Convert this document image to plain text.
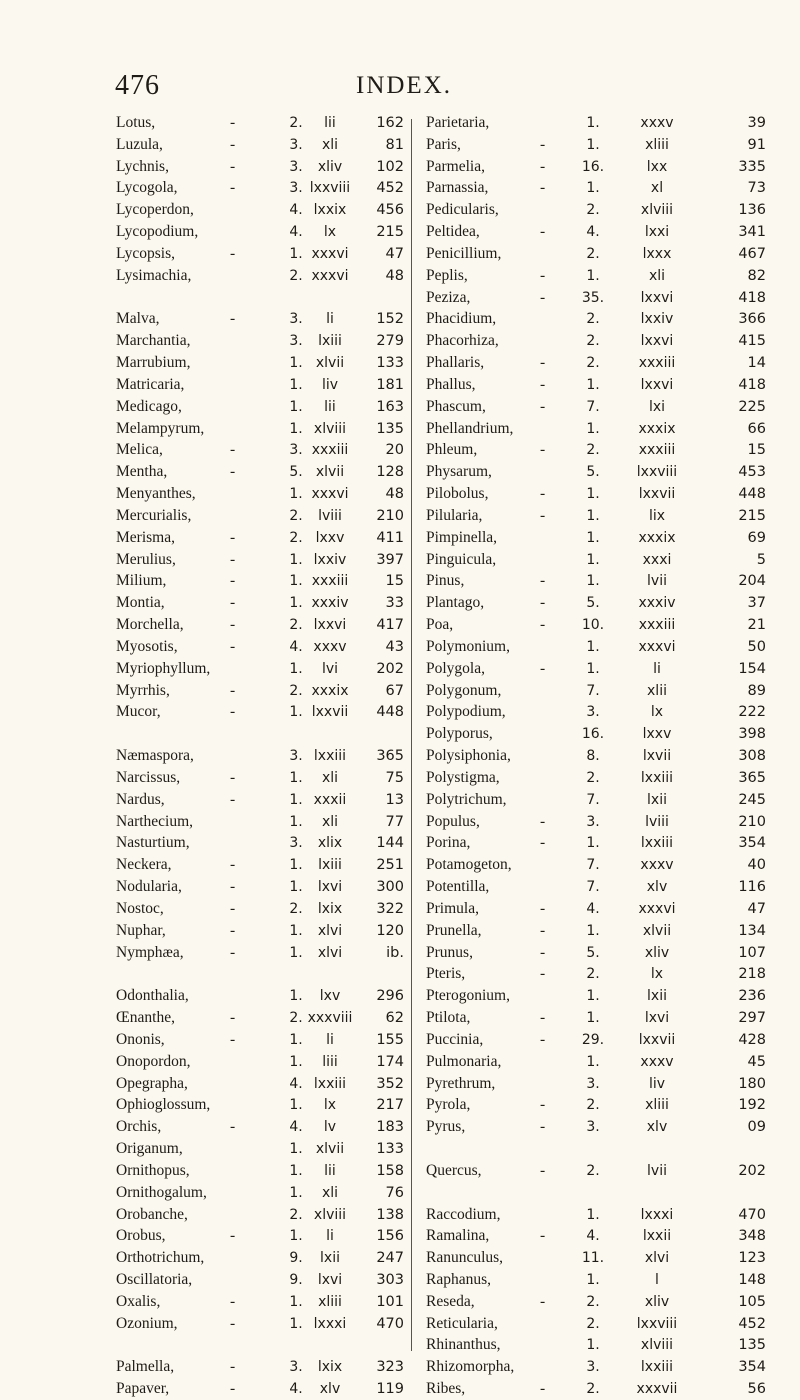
476	INDEX.
Lotus,	-	2.	lii	162
Luzula,	-	3.	xli	81
Lychnis,	-	3.	xliv	102
Lycogola,	-	3. lxxviii	452
Lycoperdon,	4. lxxix	456
Lycopodium,	4.	lx	215
Lycopsis,	-	1. xxxvi	47
Lysimachia,	2. xxxvi	48
Malva,	-	3.	li	152
Marchantia,	3.	lxiii	279
Marrubium,	1. xlvii	133
Matricaria,	1.	liv	181
Medicago,	1.	lii	163
Melampyrum,	1. xlviii	135
Melica,	-	3. xxxiii	20
Mentha,	-	5. xlvii	128
Menyanthes,	1. xxxvi	48
Mercurialis,	2.	lviii	210
Merisma,	-	2. lxxv	411
Merulius,	-	1. lxxiv	397
Milium,	-	1. xxxiii	15
Montia,	-	1. xxxiv	33
Morchella,	-	2. lxxvi	417
Myosotis,	-	4. xxxv	43
Myriophyllum,	1.	lvi	202
Myrrhis,	-	2. xxxix	67
Mucor,	-	1. lxxvii	448
Næmaspora,	3. lxxiii	365
Narcissus,	-	1.	xli	75
Nardus,	-	1. xxxii	13
Narthecium,	1.	xli	77
Nasturtium,	3.	xlix	144
Neckera,	-	1.	lxiii	251
Nodularia,	-	1.	lxvi	300
Nostoc,	-	2.	lxix	322
Nuphar,	-	1.	xlvi	120
Nymphæa,	-	1.	xlvi	ib.
Odonthalia,	1.	lxv	296
Œnanthe,	-	2. xxxviii	62
Ononis,	-	1.	li	155
Onopordon,	1.	liii	174
Opegrapha,	4. lxxiii	352
Ophioglossum,	1.	lx	217
Orchis,	-	4.	lv	183
Origanum,	1. xlvii	133
Ornithopus,	1.	lii	158
Ornithogalum,	1.	xli	76
Orobanche,	2. xlviii	138
Orobus,	-	1.	li	156
Orthotrichum,	9.	lxii	247
Oscillatoria,	9.	lxvi	303
Oxalis,	-	1.	xliii	101
Ozonium,	-	1. lxxxi	470
Palmella,	-	3.	lxix	323
Papaver,	-	4.	xlv	119
Parietaria,	1.	xxxv	39
Paris,	-	1.	xliii	91
Parmelia,	-	16.	lxx	335
Parnassia,	-	1.	xl	73
Pedicularis,	2.	xlviii	136
Peltidea,	-	4.	lxxi	341
Penicillium,	2.	lxxx	467
Peplis,	-	1.	xli	82
Peziza,	-	35.	lxxvi	418
Phacidium,	2.	lxxiv	366
Phacorhiza,	2.	lxxvi	415
Phallaris,	-	2.	xxxiii	14
Phallus,	-	1.	lxxvi	418
Phascum,	-	7.	lxi	225
Phellandrium,	1.	xxxix	66
Phleum,	-	2.	xxxiii	15
Physarum,	5.	lxxviii	453
Pilobolus,	-	1.	lxxvii	448
Pilularia,	-	1.	lix	215
Pimpinella,	1.	xxxix	69
Pinguicula,	1.	xxxi	5
Pinus,	-	1.	lvii	204
Plantago,	-	5.	xxxiv	37
Poa,	-	10.	xxxiii	21
Polymonium,	1.	xxxvi	50
Polygola,	-	1.	li	154
Polygonum,	7.	xlii	89
Polypodium,	3.	lx	222
Polyporus,	16.	lxxv	398
Polysiphonia,	8.	lxvii	308
Polystigma,	2.	lxxiii	365
Polytrichum,	7.	lxii	245
Populus,	-	3.	lviii	210
Porina,	-	1.	lxxiii	354
Potamogeton,	7.	xxxv	40
Potentilla,	7.	xlv	116
Primula,	-	4.	xxxvi	47
Prunella,	-	1.	xlvii	134
Prunus,	-	5.	xliv	107
Pteris,	-	2.	lx	218
Pterogonium,	1.	lxii	236
Ptilota,	-	1.	lxvi	297
Puccinia,	-	29.	lxxvii	428
Pulmonaria,	1.	xxxv	45
Pyrethrum,	3.	liv	180
Pyrola,	-	2.	xliii	192
Pyrus,	-	3.	xlv	09
Quercus,	-	2.	lvii	202
Raccodium,	1.	lxxxi	470
Ramalina,	-	4.	lxxii	348
Ranunculus,	11.	xlvi	123
Raphanus,	1.	l	148
Reseda,	-	2.	xliv	105
Reticularia,	2.	lxxviii	452
Rhinanthus,	1.	xlviii	135
Rhizomorpha,	3.	lxxiii	354
Ribes,	-	2.	xxxvii	56
